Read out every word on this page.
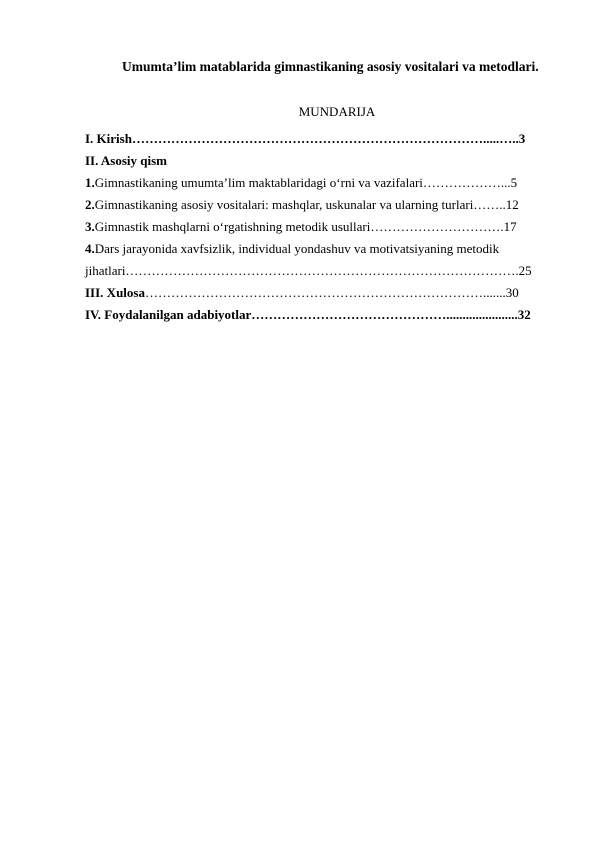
Umumta’lim matablarida gimnastikaning asosiy vositalari va metodlari.
MUNDARIJA
I. Kirish……………………………………………………………………….....…..3
II. Asosiy qism
1.Gimnastikaning umumta’lim maktablaridagi o‘rni va vazifalari………………...5
2.Gimnastikaning asosiy vositalari: mashqlar, uskunalar va ularning turlari……..12
3.Gimnastik mashqlarni o‘rgatishning metodik usullari………………………….17
4.Dars jarayonida xavfsizlik, individual yondashuv va motivatsiyaning metodik
jihatlari……………………………………………………………………………….25
III. Xulosa…………………………………………………………………….......30
IV. Foydalanilgan adabiyotlar………………………………………......................32
